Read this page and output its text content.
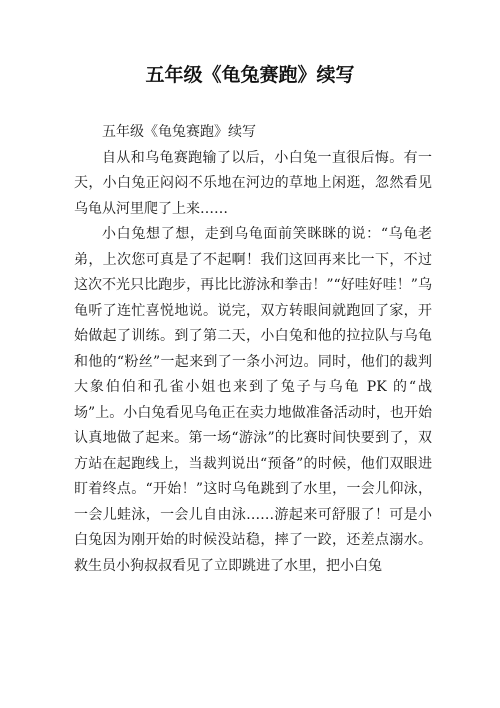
五年级《龟兔赛跑》续写

五年级《龟兔赛跑》续写

自从和乌龟赛跑输了以后，小白兔一直很后悔。有一天，小白兔正闷闷不乐地在河边的草地上闲逛，忽然看见乌龟从河里爬了上来……

小白兔想了想，走到乌龟面前笑眯眯的说：“乌龟老弟，上次您可真是了不起啊！我们这回再来比一下，不过这次不光只比跑步，再比比游泳和拳击！”“好哇好哇！”乌龟听了连忙喜悦地说。说完，双方转眼间就跑回了家，开始做起了训练。到了第二天，小白兔和他的拉拉队与乌龟和他的“粉丝”一起来到了一条小河边。同时，他们的裁判大象伯伯和孔雀小姐也来到了兔子与乌龟 PK 的“战场”上。小白兔看见乌龟正在卖力地做准备活动时，也开始认真地做了起来。第一场“游泳”的比赛时间快要到了，双方站在起跑线上，当裁判说出“预备”的时候，他们双眼进盯着终点。“开始！”这时乌龟跳到了水里，一会儿仰泳，一会儿蛙泳，一会儿自由泳……游起来可舒服了！可是小白兔因为刚开始的时候没站稳，摔了一跤，还差点溺水。救生员小狗叔叔看见了立即跳进了水里，把小白兔
